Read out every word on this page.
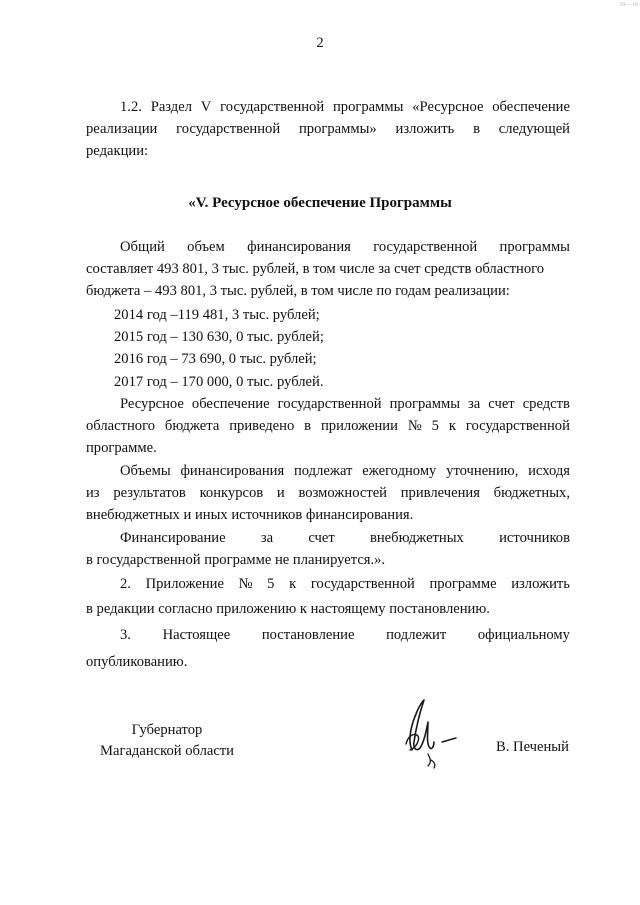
m—m
2
1.2. Раздел V государственной программы «Ресурсное обеспечение
реализации государственной программы» изложить в следующей
редакции:
«V. Ресурсное обеспечение Программы
Общий объем финансирования государственной программы
составляет 493 801, 3 тыс. рублей, в том числе за счет средств областного
бюджета – 493 801, 3 тыс. рублей, в том числе по годам реализации:
2014 год –119 481, 3 тыс. рублей;
2015 год – 130 630, 0 тыс. рублей;
2016 год – 73 690, 0 тыс. рублей;
2017 год – 170 000, 0 тыс. рублей.
Ресурсное обеспечение государственной программы за счет средств
областного бюджета приведено в приложении № 5 к государственной
программе.
Объемы финансирования подлежат ежегодному уточнению, исходя
из результатов конкурсов и возможностей привлечения бюджетных,
внебюджетных и иных источников финансирования.
Финансирование за счет внебюджетных источников
в государственной программе не планируется.».
2. Приложение № 5 к государственной программе изложить
в редакции согласно приложению к настоящему постановлению.
3. Настоящее постановление подлежит официальному
опубликованию.
Губернатор
Магаданской области	В. Печеный
